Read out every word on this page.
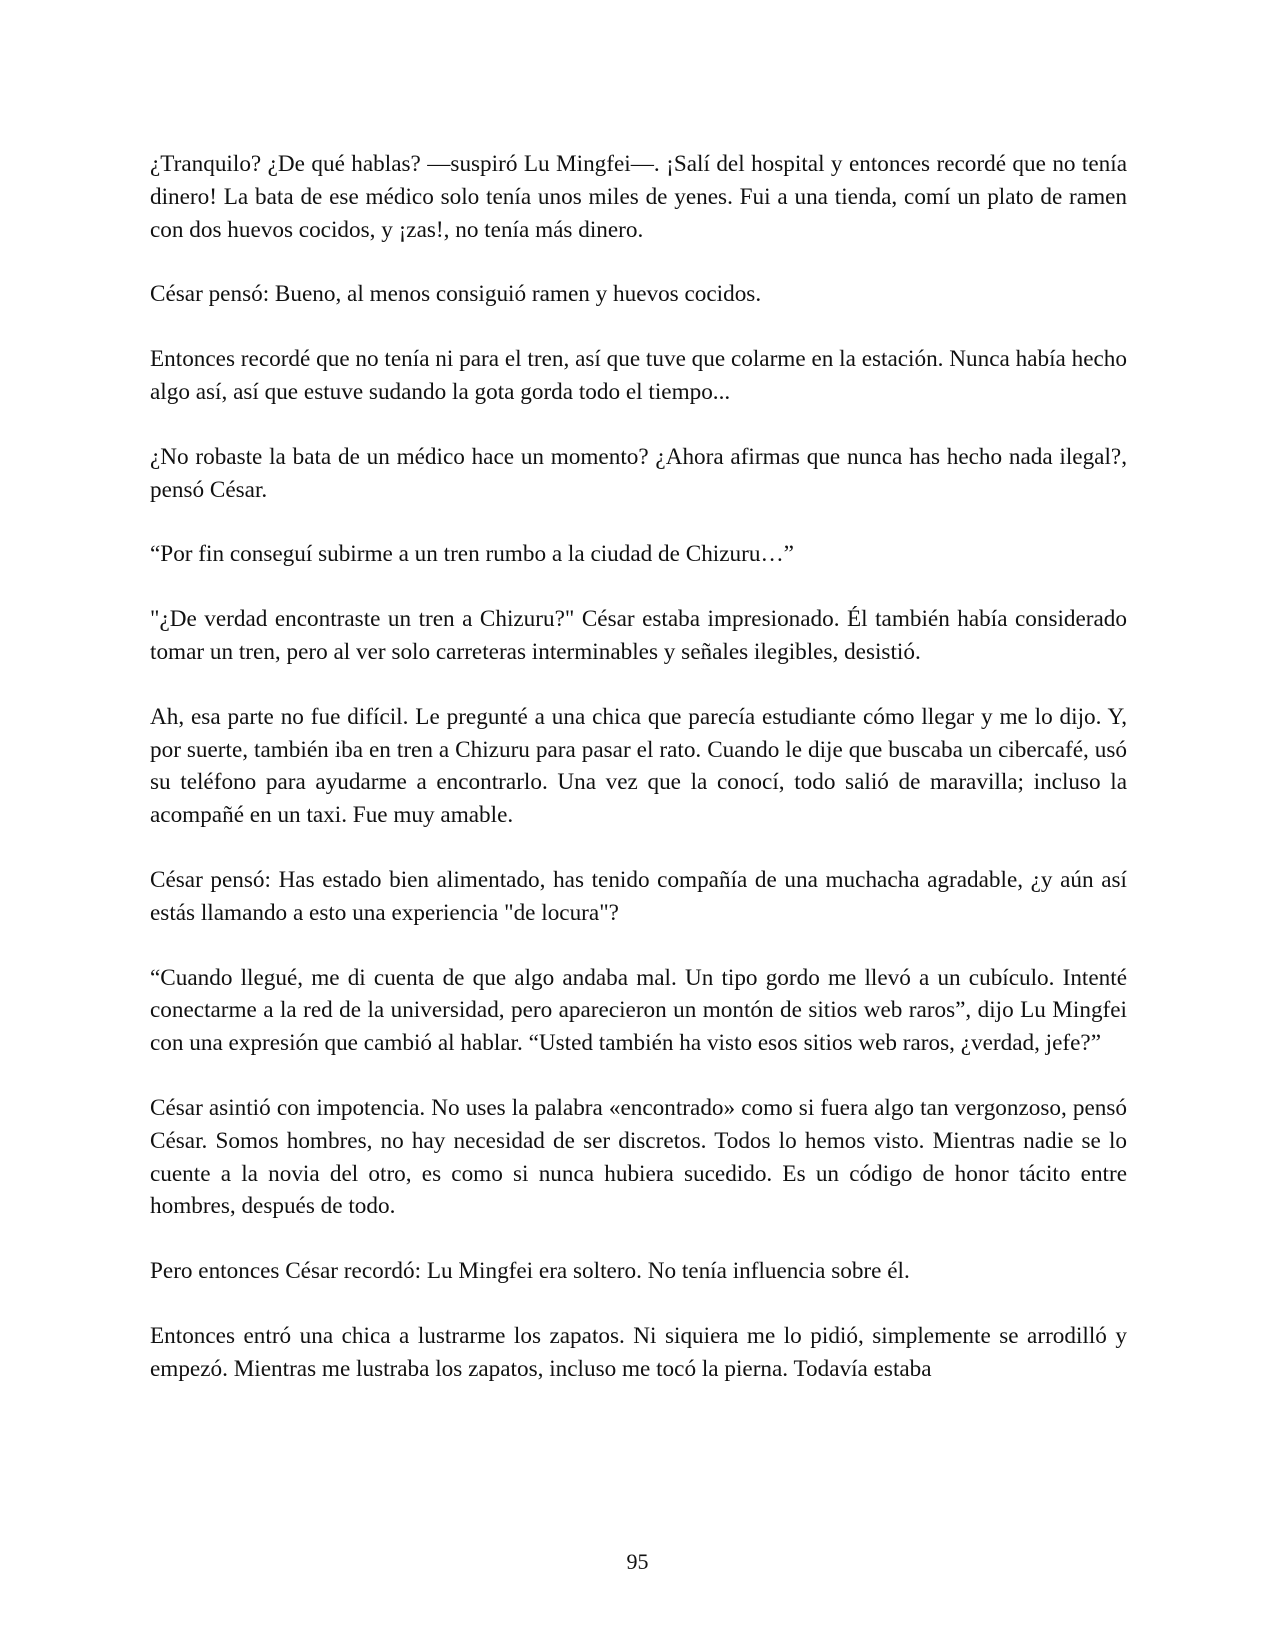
¿Tranquilo? ¿De qué hablas? —suspiró Lu Mingfei—. ¡Salí del hospital y entonces recordé que no tenía dinero! La bata de ese médico solo tenía unos miles de yenes. Fui a una tienda, comí un plato de ramen con dos huevos cocidos, y ¡zas!, no tenía más dinero.

César pensó: Bueno, al menos consiguió ramen y huevos cocidos.

Entonces recordé que no tenía ni para el tren, así que tuve que colarme en la estación. Nunca había hecho algo así, así que estuve sudando la gota gorda todo el tiempo...

¿No robaste la bata de un médico hace un momento? ¿Ahora afirmas que nunca has hecho nada ilegal?, pensó César.

“Por fin conseguí subirme a un tren rumbo a la ciudad de Chizuru…”

"¿De verdad encontraste un tren a Chizuru?" César estaba impresionado. Él también había considerado tomar un tren, pero al ver solo carreteras interminables y señales ilegibles, desistió.

Ah, esa parte no fue difícil. Le pregunté a una chica que parecía estudiante cómo llegar y me lo dijo. Y, por suerte, también iba en tren a Chizuru para pasar el rato. Cuando le dije que buscaba un cibercafé, usó su teléfono para ayudarme a encontrarlo. Una vez que la conocí, todo salió de maravilla; incluso la acompañé en un taxi. Fue muy amable.

César pensó: Has estado bien alimentado, has tenido compañía de una muchacha agradable, ¿y aún así estás llamando a esto una experiencia "de locura"?

“Cuando llegué, me di cuenta de que algo andaba mal. Un tipo gordo me llevó a un cubículo. Intenté conectarme a la red de la universidad, pero aparecieron un montón de sitios web raros”, dijo Lu Mingfei con una expresión que cambió al hablar. “Usted también ha visto esos sitios web raros, ¿verdad, jefe?”

César asintió con impotencia. No uses la palabra «encontrado» como si fuera algo tan vergonzoso, pensó César. Somos hombres, no hay necesidad de ser discretos. Todos lo hemos visto. Mientras nadie se lo cuente a la novia del otro, es como si nunca hubiera sucedido. Es un código de honor tácito entre hombres, después de todo.

Pero entonces César recordó: Lu Mingfei era soltero. No tenía influencia sobre él.

Entonces entró una chica a lustrarme los zapatos. Ni siquiera me lo pidió, simplemente se arrodilló y empezó. Mientras me lustraba los zapatos, incluso me tocó la pierna. Todavía estaba

95
